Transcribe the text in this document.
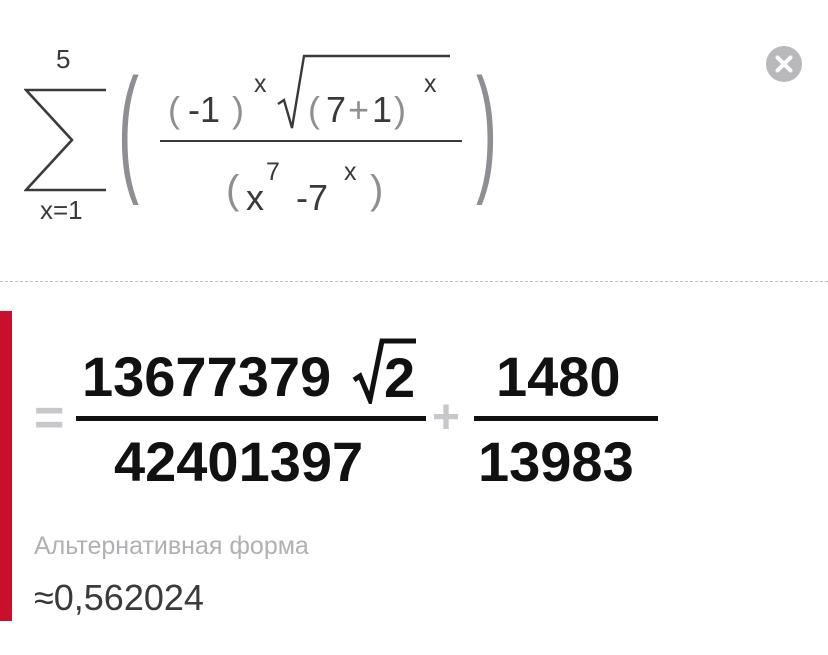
5
x=1
( )
( -1 )
x
( 7 + 1 )
x
( x
7
-7
x )
=
13677379 2
42401397
+
1480
13983
Альтернативная форма
≈0,562024
